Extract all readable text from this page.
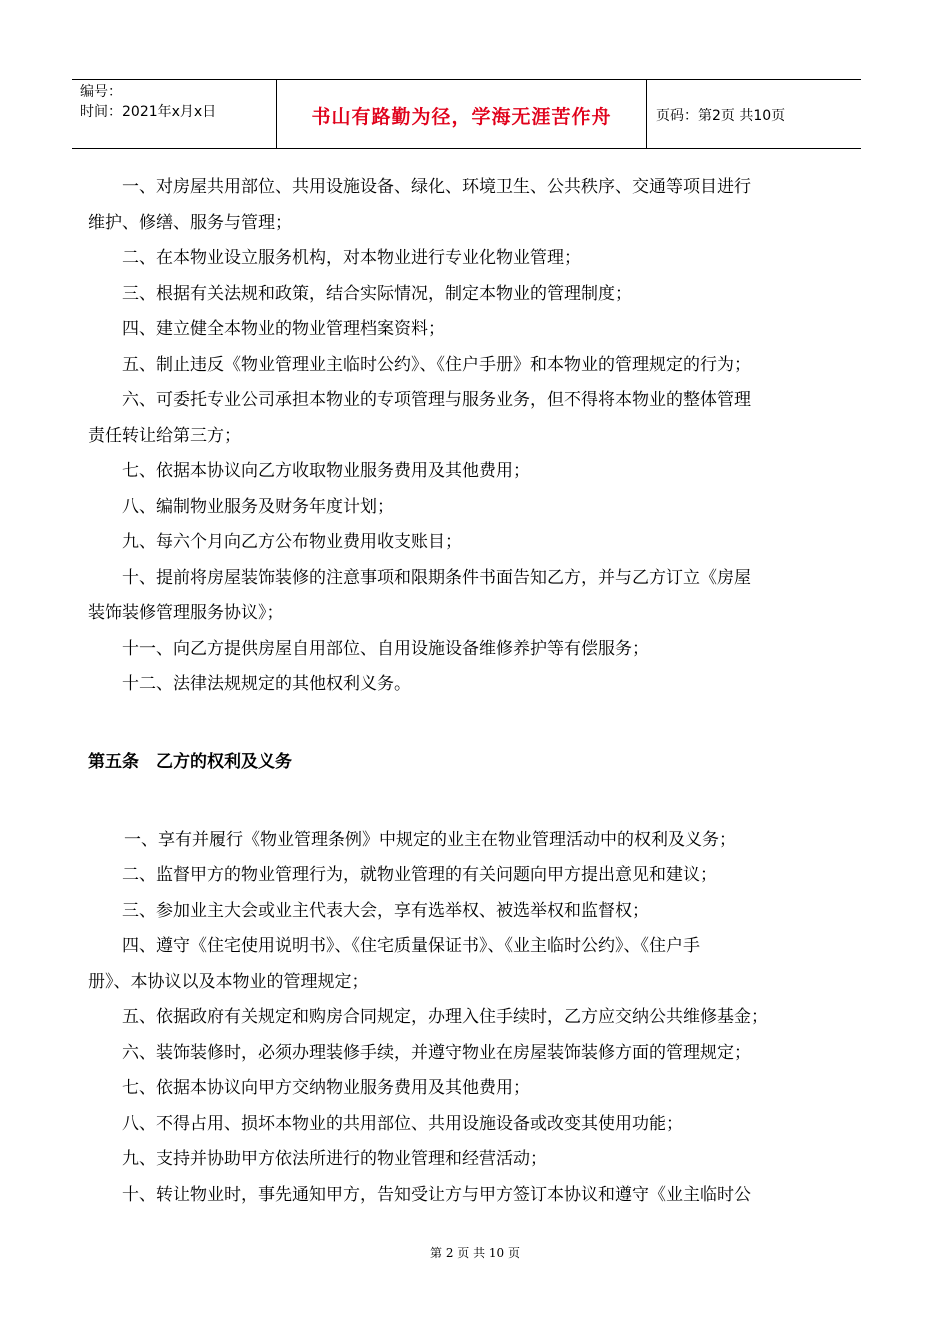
编号：
时间：2021年x月x日	书山有路勤为径，学海无涯苦作舟	页码：第2页 共10页
一、对房屋共用部位、共用设施设备、绿化、环境卫生、公共秩序、交通等项目进行
维护、修缮、服务与管理；
二、在本物业设立服务机构，对本物业进行专业化物业管理；
三、根据有关法规和政策，结合实际情况，制定本物业的管理制度；
四、建立健全本物业的物业管理档案资料；
五、制止违反《物业管理业主临时公约》、《住户手册》和本物业的管理规定的行为；
六、可委托专业公司承担本物业的专项管理与服务业务，但不得将本物业的整体管理
责任转让给第三方；
七、依据本协议向乙方收取物业服务费用及其他费用；
八、编制物业服务及财务年度计划；
九、每六个月向乙方公布物业费用收支账目；
十、提前将房屋装饰装修的注意事项和限期条件书面告知乙方，并与乙方订立《房屋
装饰装修管理服务协议》；
十一、向乙方提供房屋自用部位、自用设施设备维修养护等有偿服务；
十二、法律法规规定的其他权利义务。
第五条　乙方的权利及义务
一、享有并履行《物业管理条例》中规定的业主在物业管理活动中的权利及义务；
二、监督甲方的物业管理行为，就物业管理的有关问题向甲方提出意见和建议；
三、参加业主大会或业主代表大会，享有选举权、被选举权和监督权；
四、遵守《住宅使用说明书》、《住宅质量保证书》、《业主临时公约》、《住户手
册》、本协议以及本物业的管理规定；
五、依据政府有关规定和购房合同规定，办理入住手续时，乙方应交纳公共维修基金；
六、装饰装修时，必须办理装修手续，并遵守物业在房屋装饰装修方面的管理规定；
七、依据本协议向甲方交纳物业服务费用及其他费用；
八、不得占用、损坏本物业的共用部位、共用设施设备或改变其使用功能；
九、支持并协助甲方依法所进行的物业管理和经营活动；
十、转让物业时，事先通知甲方，告知受让方与甲方签订本协议和遵守《业主临时公
第 2 页 共 10 页
